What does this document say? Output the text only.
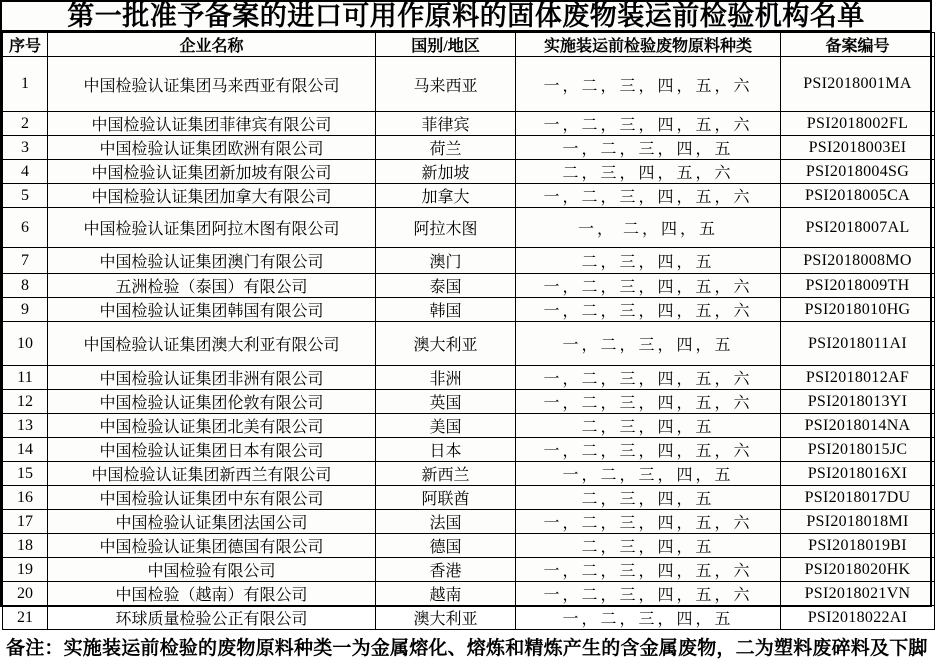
第一批准予备案的进口可用作原料的固体废物装运前检验机构名单
序号	企业名称	国别/地区	实施装运前检验废物原料种类	备案编号
1	中国检验认证集团马来西亚有限公司	马来西亚	一，二，三，四，五，六	PSI2018001MA
2	中国检验认证集团菲律宾有限公司	菲律宾	一，二，三，四，五，六	PSI2018002FL
3	中国检验认证集团欧洲有限公司	荷兰	一，二，三，四，五	PSI2018003EI
4	中国检验认证集团新加坡有限公司	新加坡	二，三，四，五，六	PSI2018004SG
5	中国检验认证集团加拿大有限公司	加拿大	一，二，三，四，五，六	PSI2018005CA
6	中国检验认证集团阿拉木图有限公司	阿拉木图	一， 二，四，五	PSI2018007AL
7	中国检验认证集团澳门有限公司	澳门	二，三，四，五	PSI2018008MO
8	五洲检验（泰国）有限公司	泰国	一，二，三，四，五，六	PSI2018009TH
9	中国检验认证集团韩国有限公司	韩国	一，二，三，四，五，六	PSI2018010HG
10	中国检验认证集团澳大利亚有限公司	澳大利亚	一，二，三，四，五	PSI2018011AI
11	中国检验认证集团非洲有限公司	非洲	一，二，三，四，五，六	PSI2018012AF
12	中国检验认证集团伦敦有限公司	英国	一，二，三，四，五，六	PSI2018013YI
13	中国检验认证集团北美有限公司	美国	二，三，四，五	PSI2018014NA
14	中国检验认证集团日本有限公司	日本	一，二，三，四，五，六	PSI2018015JC
15	中国检验认证集团新西兰有限公司	新西兰	一，二，三，四，五	PSI2018016XI
16	中国检验认证集团中东有限公司	阿联酋	二，三，四，五	PSI2018017DU
17	中国检验认证集团法国公司	法国	一，二，三，四，五，六	PSI2018018MI
18	中国检验认证集团德国有限公司	德国	二，三，四，五	PSI2018019BI
19	中国检验有限公司	香港	一，二，三，四，五，六	PSI2018020HK
20	中国检验（越南）有限公司	越南	一，二，三，四，五，六	PSI2018021VN
21	环球质量检验公正有限公司	澳大利亚	一，二，三，四，五	PSI2018022AI
备注：实施装运前检验的废物原料种类一为金属熔化、熔炼和精炼产生的含金属废物，二为塑料废碎料及下脚
